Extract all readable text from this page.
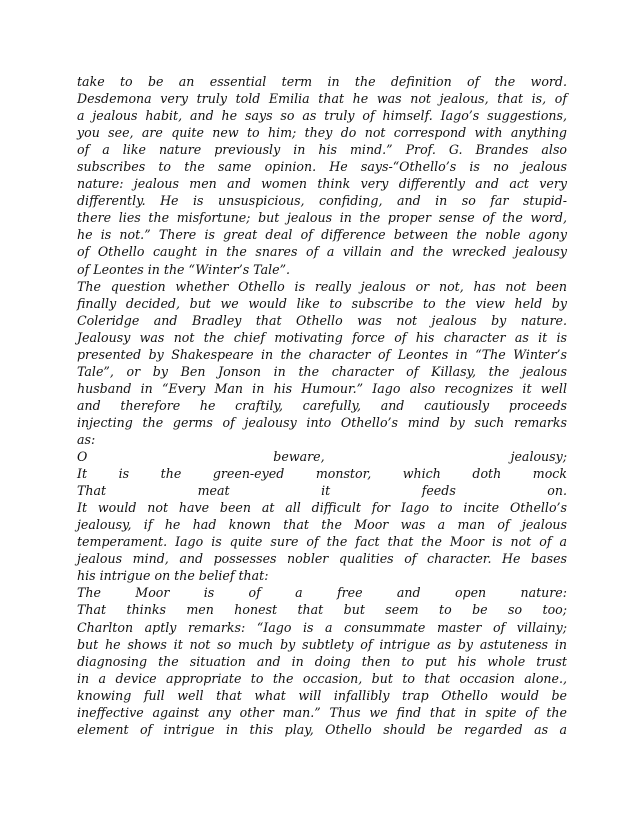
take to be an essential term in the definition of the word.

Desdemona very truly told Emilia that he was not jealous, that is, of

a jealous habit, and he says so as truly of himself. Iago’s suggestions,

you see, are quite new to him; they do not correspond with anything

of a like nature previously in his mind.” Prof. G. Brandes also

subscribes to the same opinion. He says-“Othello’s is no jealous

nature: jealous men and women think very differently and act very

differently. He is unsuspicious, confiding, and in so far stupid-

there lies the misfortune; but jealous in the proper sense of the word,

he is not.” There is great deal of difference between the noble agony

of Othello caught in the snares of a villain and the wrecked jealousy

of Leontes in the “Winter’s Tale”.

The question whether Othello is really jealous or not, has not been

finally decided, but we would like to subscribe to the view held by

Coleridge and Bradley that Othello was not jealous by nature.

Jealousy was not the chief motivating force of his character as it is

presented by Shakespeare in the character of Leontes in “The Winter’s

Tale”, or by Ben Jonson in the character of Killasy, the jealous

husband in “Every Man in his Humour.” Iago also recognizes it well

and therefore he craftily, carefully, and cautiously proceeds

injecting the germs of jealousy into Othello’s mind by such remarks

as:

O beware, jealousy;

It is the green-eyed monstor, which doth mock

That meat it feeds on.

It would not have been at all difficult for Iago to incite Othello’s

jealousy, if he had known that the Moor was a man of jealous

temperament. Iago is quite sure of the fact that the Moor is not of a

jealous mind, and possesses nobler qualities of character. He bases

his intrigue on the belief that:

The Moor is of a free and open nature:

That thinks men honest that but seem to be so too;

Charlton aptly remarks: “Iago is a consummate master of villainy;

but he shows it not so much by subtlety of intrigue as by astuteness in

diagnosing the situation and in doing then to put his whole trust

in a device appropriate to the occasion, but to that occasion alone.,

knowing full well that what will infallibly trap Othello would be

ineffective against any other man.” Thus we find that in spite of the

element of intrigue in this play, Othello should be regarded as a
